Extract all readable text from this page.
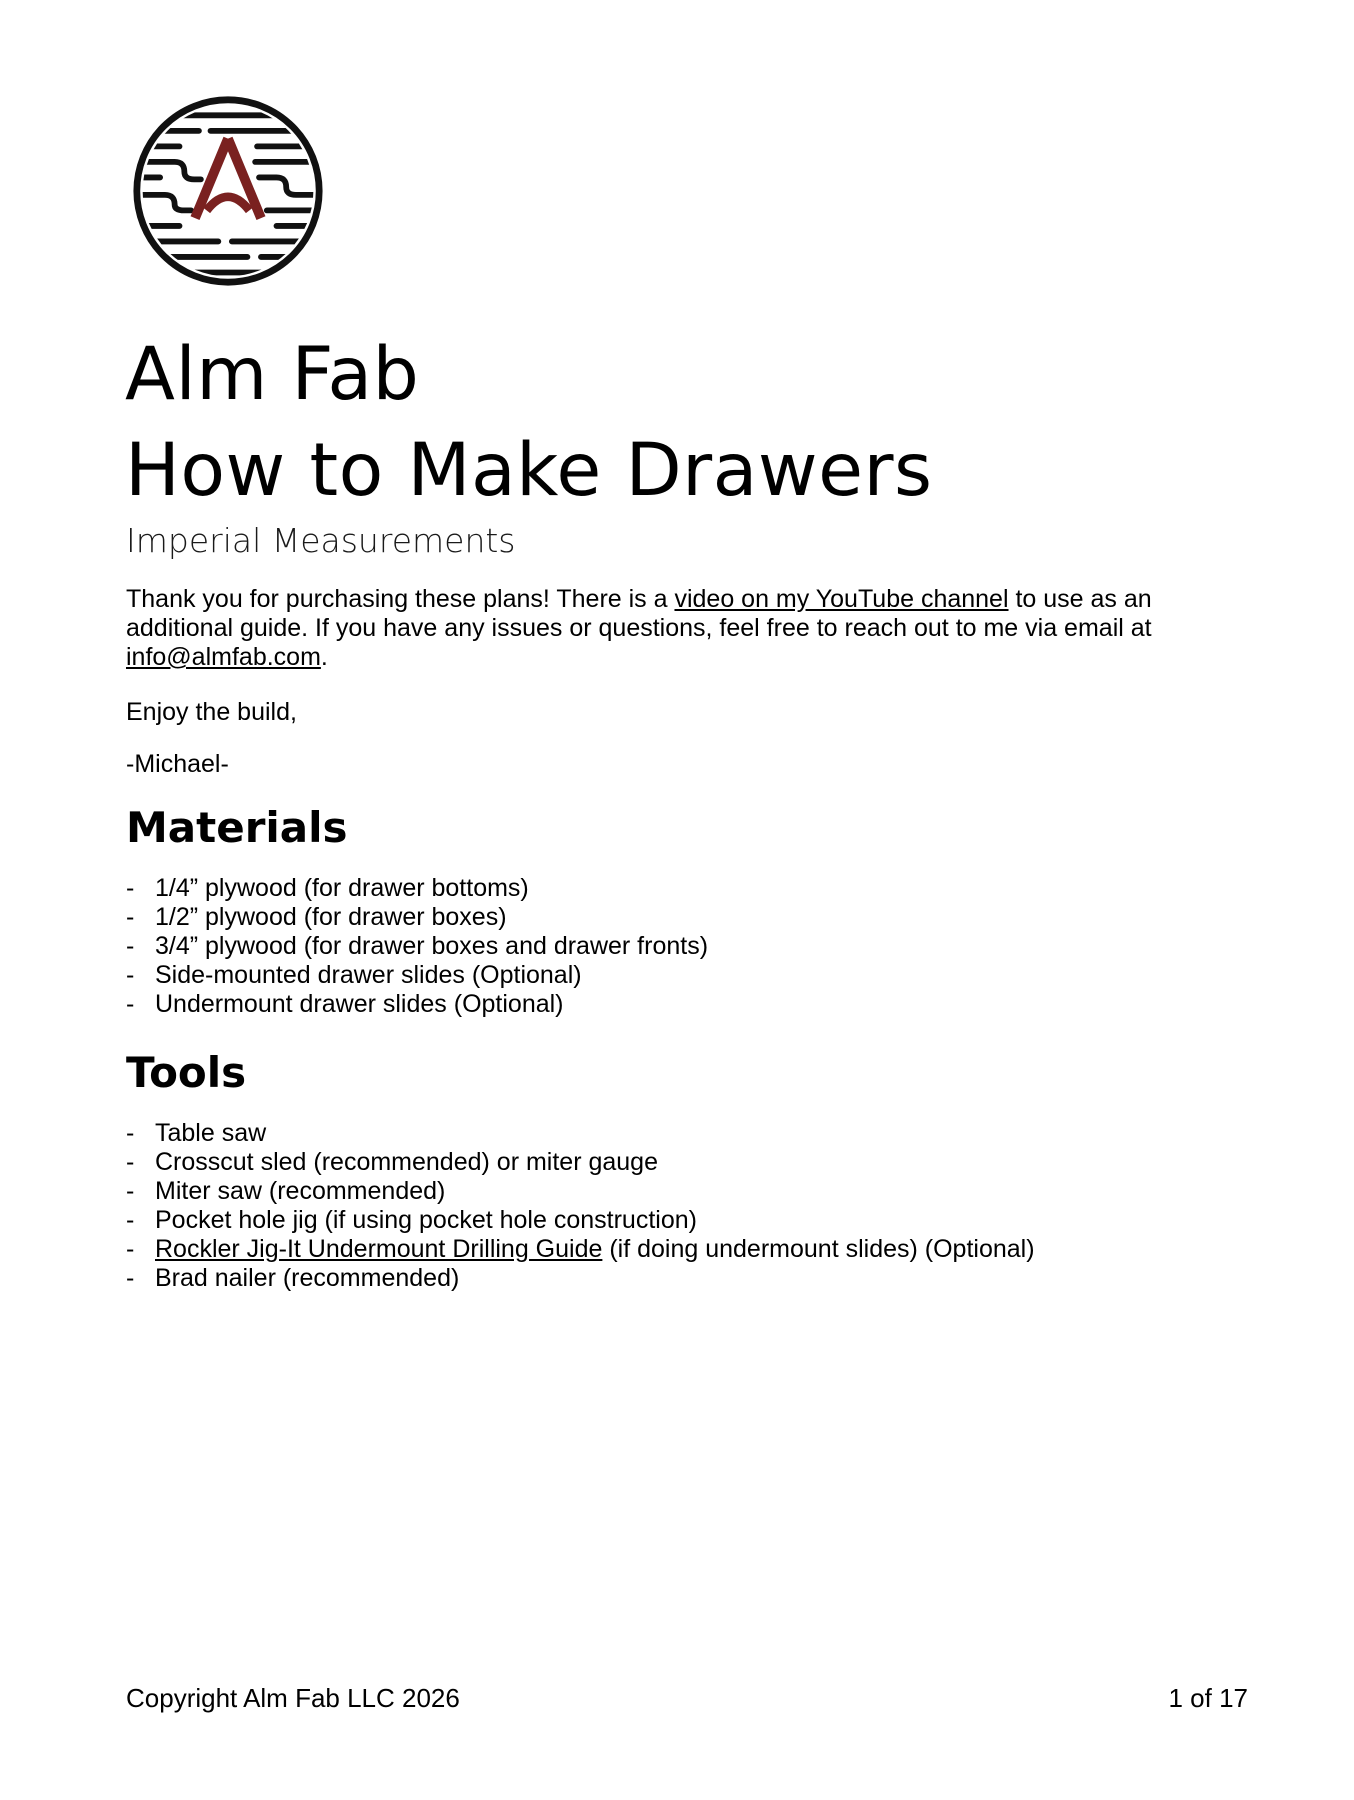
Alm Fab
How to Make Drawers
Imperial Measurements

Thank you for purchasing these plans! There is a video on my YouTube channel to use as an additional guide. If you have any issues or questions, feel free to reach out to me via email at info@almfab.com.

Enjoy the build,

-Michael-

Materials
- 1/4” plywood (for drawer bottoms)
- 1/2” plywood (for drawer boxes)
- 3/4” plywood (for drawer boxes and drawer fronts)
- Side-mounted drawer slides (Optional)
- Undermount drawer slides (Optional)
Tools
- Table saw
- Crosscut sled (recommended) or miter gauge
- Miter saw (recommended)
- Pocket hole jig (if using pocket hole construction)
- Rockler Jig-It Undermount Drilling Guide (if doing undermount slides) (Optional)
- Brad nailer (recommended)

Copyright Alm Fab LLC 2026	1 of 17
